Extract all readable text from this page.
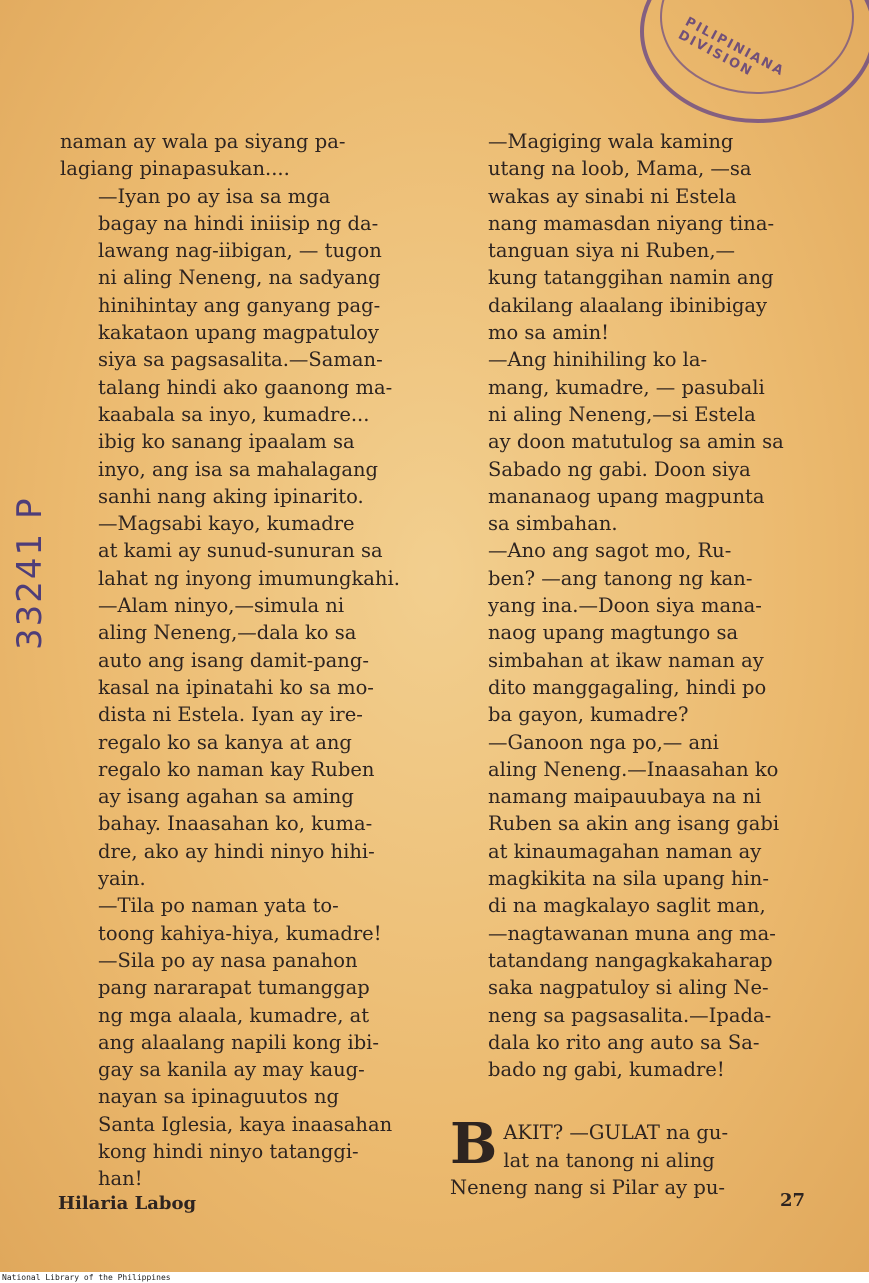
PILIPINIANA DIVISION
33241 P

naman ay wala pa siyang pa-
lagiang pinapasukan....

—Iyan po ay isa sa mga
bagay na hindi iniisip ng da-
lawang nag-iibigan, — tugon
ni aling Neneng, na sadyang
hinihintay ang ganyang pag-
kakataon upang magpatuloy
siya sa pagsasalita.—Saman-
talang hindi ako gaanong ma-
kaabala sa inyo, kumadre...
ibig ko sanang ipaalam sa
inyo, ang isa sa mahalagang
sanhi nang aking ipinarito.

—Magsabi kayo, kumadre
at kami ay sunud-sunuran sa
lahat ng inyong imumungkahi.

—Alam ninyo,—simula ni
aling Neneng,—dala ko sa
auto ang isang damit-pang-
kasal na ipinatahi ko sa mo-
dista ni Estela. Iyan ay ire-
regalo ko sa kanya at ang
regalo ko naman kay Ruben
ay isang agahan sa aming
bahay. Inaasahan ko, kuma-
dre, ako ay hindi ninyo hihi-
yain.

—Tila po naman yata to-
toong kahiya-hiya, kumadre!

—Sila po ay nasa panahon
pang nararapat tumanggap
ng mga alaala, kumadre, at
ang alaalang napili kong ibi-
gay sa kanila ay may kaug-
nayan sa ipinaguutos ng
Santa Iglesia, kaya inaasahan
kong hindi ninyo tatanggi-
han!

—Magiging wala kaming
utang na loob, Mama, —sa
wakas ay sinabi ni Estela
nang mamasdan niyang tina-
tanguan siya ni Ruben,—
kung tatanggihan namin ang
dakilang alaalang ibinibigay
mo sa amin!

—Ang hinihiling ko la-
mang, kumadre, — pasubali
ni aling Neneng,—si Estela
ay doon matutulog sa amin sa
Sabado ng gabi. Doon siya
mananaog upang magpunta
sa simbahan.

—Ano ang sagot mo, Ru-
ben? —ang tanong ng kan-
yang ina.—Doon siya mana-
naog upang magtungo sa
simbahan at ikaw naman ay
dito manggagaling, hindi po
ba gayon, kumadre?

—Ganoon nga po,— ani
aling Neneng.—Inaasahan ko
namang maipauubaya na ni
Ruben sa akin ang isang gabi
at kinaumagahan naman ay
magkikita na sila upang hin-
di na magkalayo saglit man,
—nagtawanan muna ang ma-
tatandang nangagkakaharap
saka nagpatuloy si aling Ne-
neng sa pagsasalita.—Ipada-
dala ko rito ang auto sa Sa-
bado ng gabi, kumadre!

B AKIT? —GULAT na gu-
lat na tanong ni aling
Neneng nang si Pilar ay pu-

Hilaria Labog	27
National Library of the Philippines
